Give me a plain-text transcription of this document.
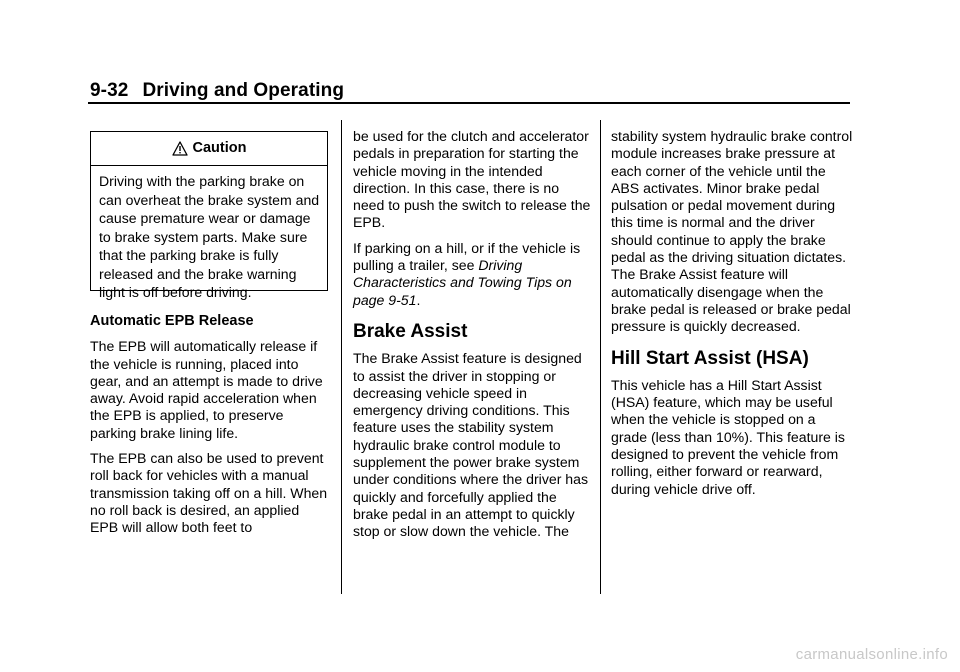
9-32 Driving and Operating
Caution
Driving with the parking brake on can overheat the brake system and cause premature wear or damage to brake system parts. Make sure that the parking brake is fully released and the brake warning light is off before driving.
Automatic EPB Release

The EPB will automatically release if the vehicle is running, placed into gear, and an attempt is made to drive away. Avoid rapid acceleration when the EPB is applied, to preserve parking brake lining life.

The EPB can also be used to prevent roll back for vehicles with a manual transmission taking off on a hill. When no roll back is desired, an applied EPB will allow both feet to

be used for the clutch and accelerator pedals in preparation for starting the vehicle moving in the intended direction. In this case, there is no need to push the switch to release the EPB.

If parking on a hill, or if the vehicle is pulling a trailer, see Driving Characteristics and Towing Tips on page 9-51.

Brake Assist

The Brake Assist feature is designed to assist the driver in stopping or decreasing vehicle speed in emergency driving conditions. This feature uses the stability system hydraulic brake control module to supplement the power brake system under conditions where the driver has quickly and forcefully applied the brake pedal in an attempt to quickly stop or slow down the vehicle. The

stability system hydraulic brake control module increases brake pressure at each corner of the vehicle until the ABS activates. Minor brake pedal pulsation or pedal movement during this time is normal and the driver should continue to apply the brake pedal as the driving situation dictates. The Brake Assist feature will automatically disengage when the brake pedal is released or brake pedal pressure is quickly decreased.

Hill Start Assist (HSA)

This vehicle has a Hill Start Assist (HSA) feature, which may be useful when the vehicle is stopped on a grade (less than 10%). This feature is designed to prevent the vehicle from rolling, either forward or rearward, during vehicle drive off.

carmanualsonline.info
